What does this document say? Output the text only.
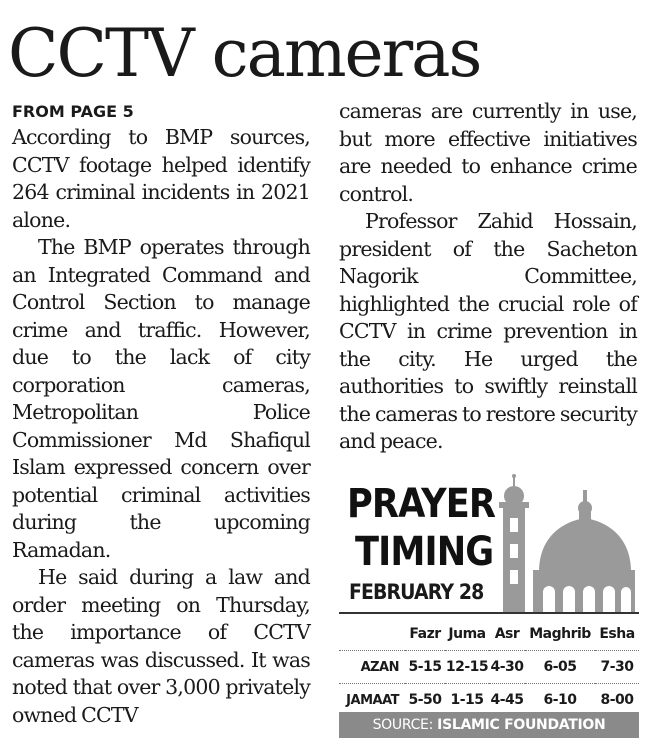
CCTV cameras
FROM PAGE 5

According to BMP sources, CCTV footage helped identify 264 criminal incidents in 2021 alone.

The BMP operates through an Integrated Command and Control Section to manage crime and traffic. However, due to the lack of city corporation cameras, Metropolitan Police Commissioner Md Shafiqul Islam expressed concern over potential criminal activities during the upcoming Ramadan.

He said during a law and order meeting on Thursday, the importance of CCTV cameras was discussed. It was noted that over 3,000 privately owned CCTV

cameras are currently in use, but more effective initiatives are needed to enhance crime control.

Professor Zahid Hossain, president of the Sacheton Nagorik Committee, highlighted the crucial role of CCTV in crime prevention in the city. He urged the authorities to swiftly reinstall the cameras to restore security and peace.

PRAYER
TIMING
FEBRUARY 28
	Fazr	Juma	Asr	Maghrib	Esha
AZAN	5-15	12-15	4-30	6-05	7-30
JAMAAT	5-50	1-15	4-45	6-10	8-00
SOURCE: ISLAMIC FOUNDATION
